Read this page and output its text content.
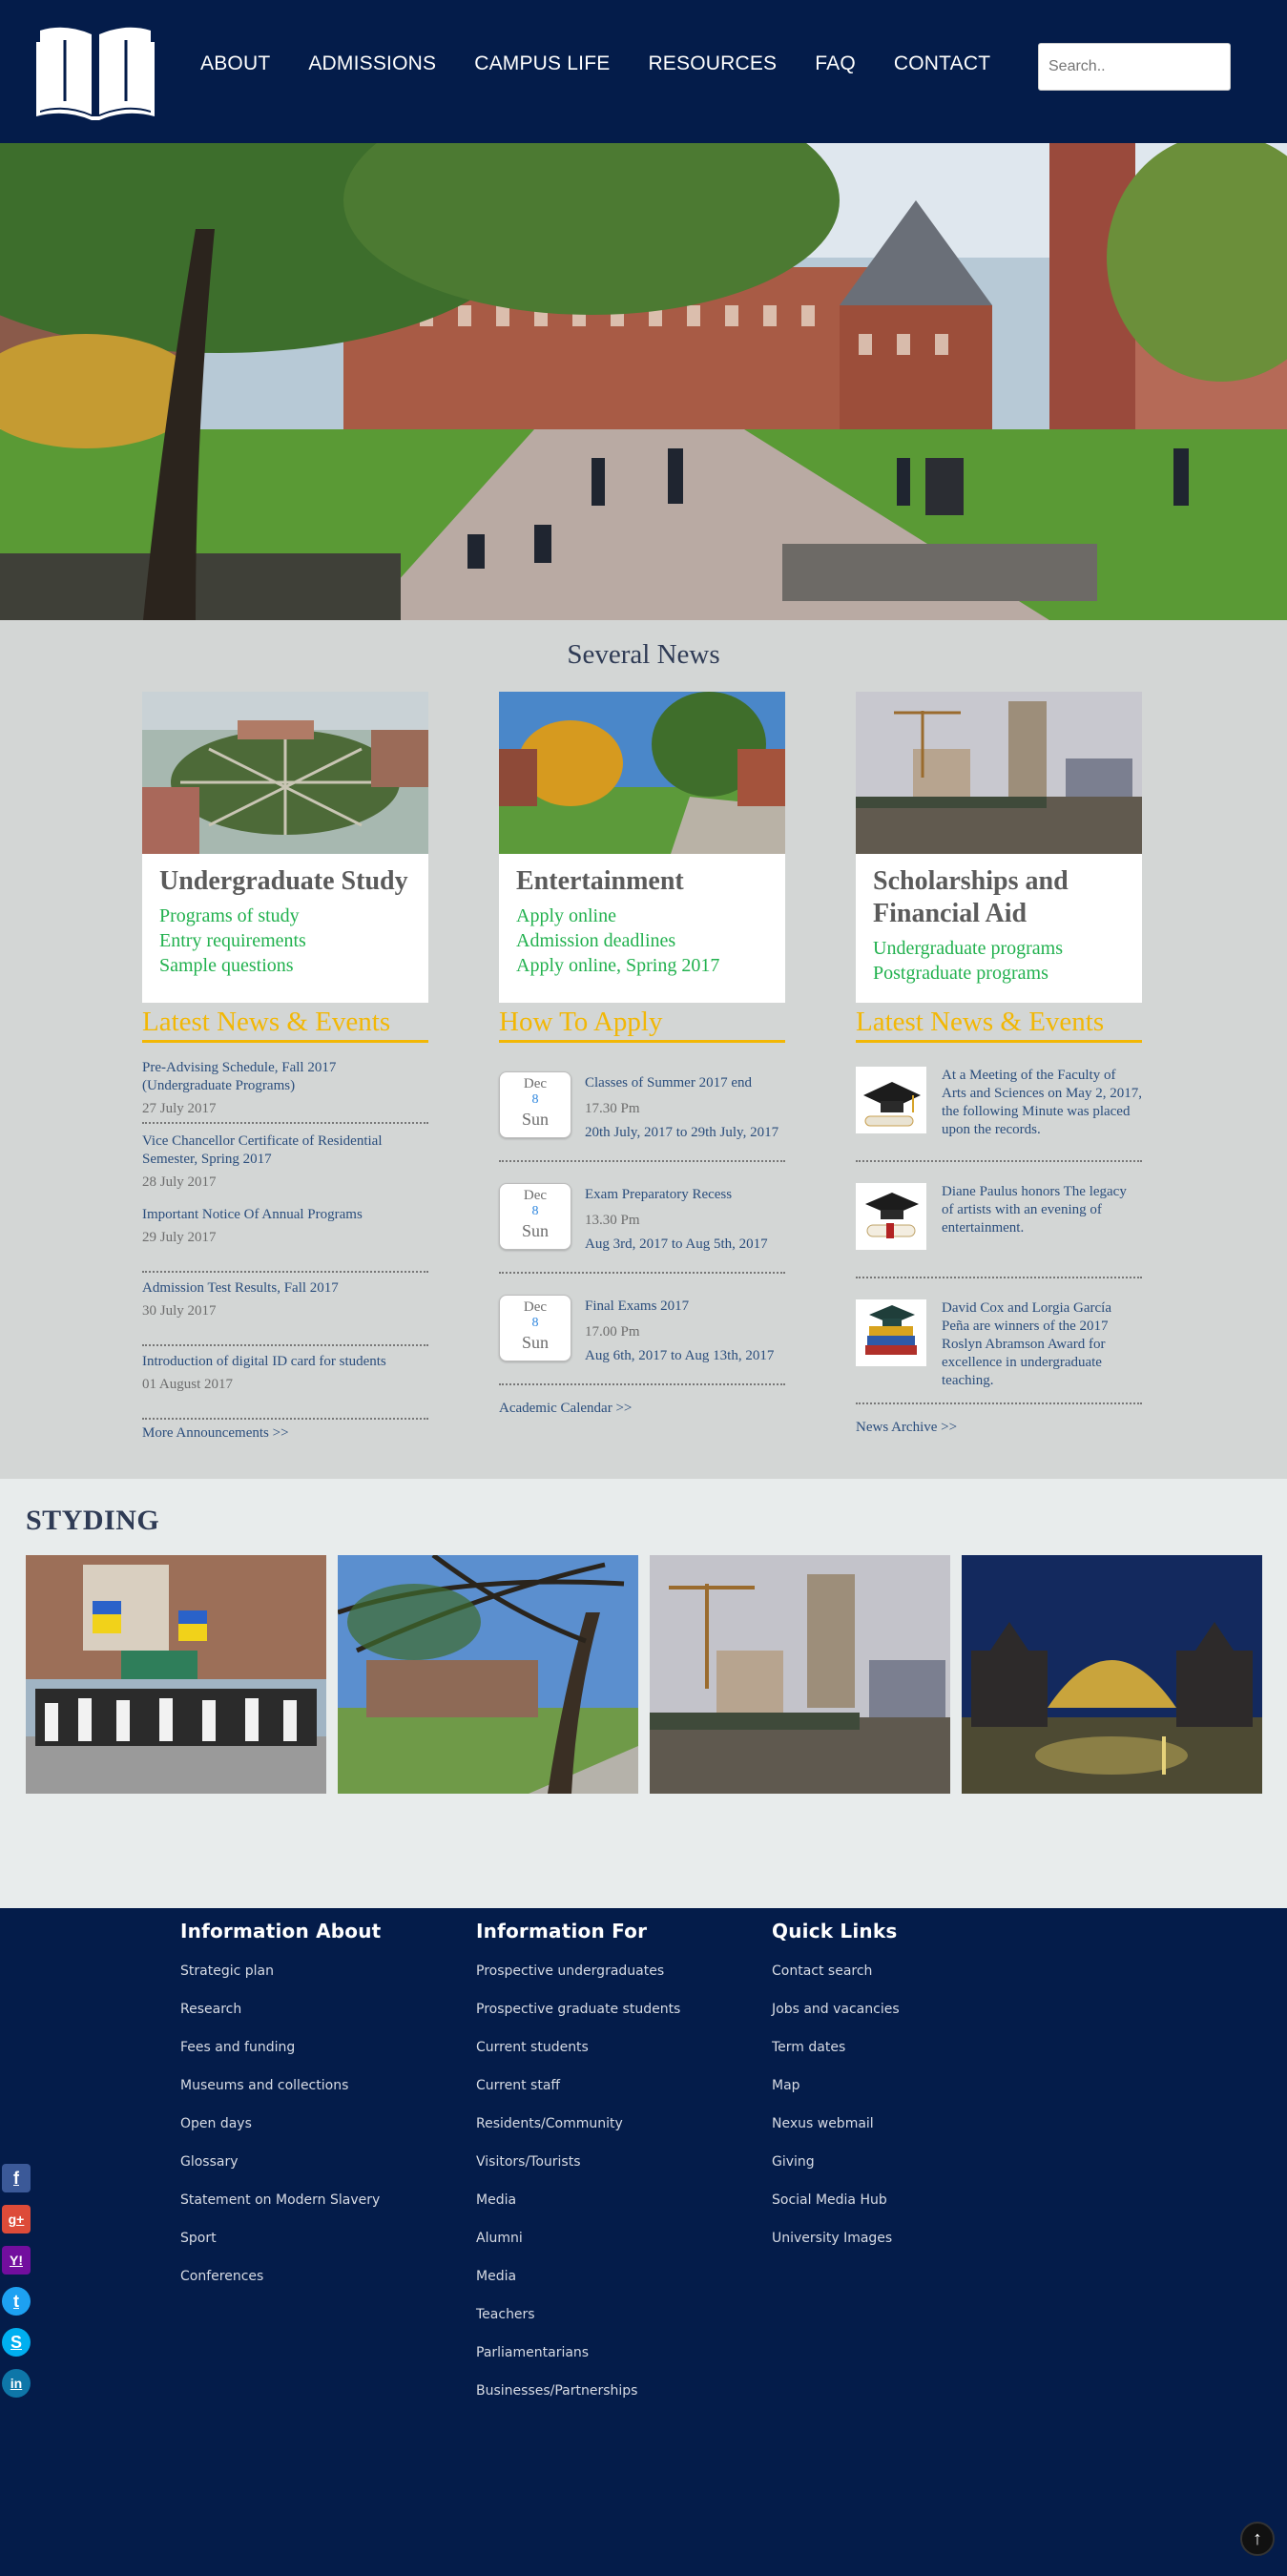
ABOUT ADMISSIONS CAMPUS LIFE RESOURCES FAQ CONTACT
Search..
Several News
Undergraduate Study
Programs of study
Entry requirements
Sample questions
Entertainment
Apply online
Admission deadlines
Apply online, Spring 2017
Scholarships and Financial Aid
Undergraduate programs
Postgraduate programs
Latest News & Events
Pre-Advising Schedule, Fall 2017 (Undergraduate Programs)
27 July 2017
Vice Chancellor Certificate of Residential Semester, Spring 2017
28 July 2017
Important Notice Of Annual Programs
29 July 2017
Admission Test Results, Fall 2017
30 July 2017
Introduction of digital ID card for students
01 August 2017
More Announcements >>
How To Apply
Dec
8
Sun
Classes of Summer 2017 end
17.30 Pm
20th July, 2017 to 29th July, 2017
Dec
8
Sun
Exam Preparatory Recess
13.30 Pm
Aug 3rd, 2017 to Aug 5th, 2017
Dec
8
Sun
Final Exams 2017
17.00 Pm
Aug 6th, 2017 to Aug 13th, 2017
Academic Calendar >>
Latest News & Events
At a Meeting of the Faculty of Arts and Sciences on May 2, 2017, the following Minute was placed upon the records.
Diane Paulus honors The legacy of artists with an evening of entertainment.
David Cox and Lorgia García Peña are winners of the 2017 Roslyn Abramson Award for excellence in undergraduate teaching.
News Archive >>
STYDING
Information About
Strategic plan
Research
Fees and funding
Museums and collections
Open days
Glossary
Statement on Modern Slavery
Sport
Conferences
Information For
Prospective undergraduates
Prospective graduate students
Current students
Current staff
Residents/Community
Visitors/Tourists
Media
Alumni
Media
Teachers
Parliamentarians
Businesses/Partnerships
Quick Links
Contact search
Jobs and vacancies
Term dates
Map
Nexus webmail
Giving
Social Media Hub
University Images
f
g+
Y!
t
S
in
↑
